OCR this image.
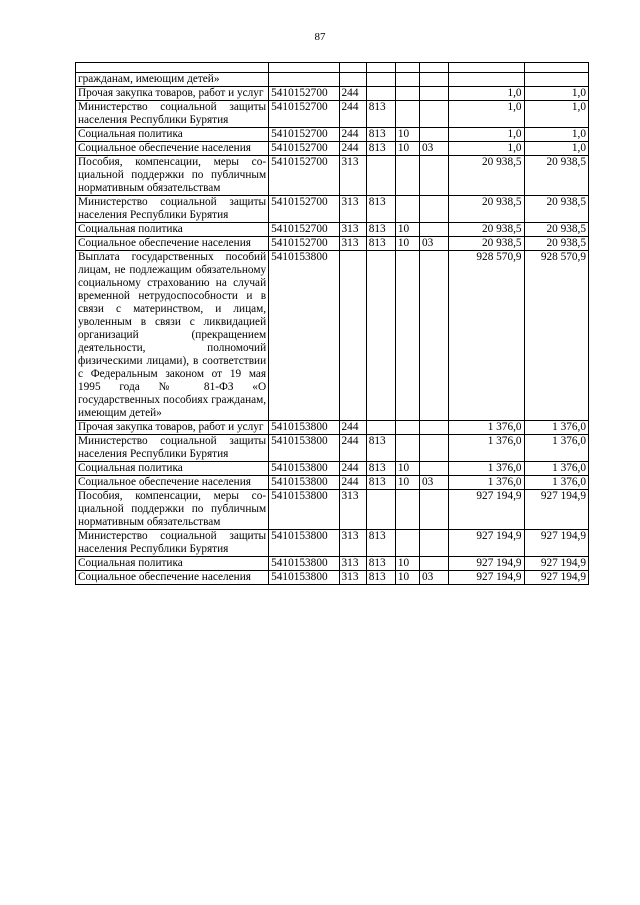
87

гражданам, имеющим детей»							
Прочая закупка товаров, работ и услуг	5410152700	244				1,0	1,0
Министерство социальной защиты населения Республики Бурятия	5410152700	244	813			1,0	1,0
Социальная политика	5410152700	244	813	10		1,0	1,0
Социальное обеспечение населения	5410152700	244	813	10	03	1,0	1,0
Пособия, компенсации, меры социальной поддержки по публичным нормативным обязательствам	5410152700	313				20 938,5	20 938,5
Министерство социальной защиты населения Республики Бурятия	5410152700	313	813			20 938,5	20 938,5
Социальная политика	5410152700	313	813	10		20 938,5	20 938,5
Социальное обеспечение населения	5410152700	313	813	10	03	20 938,5	20 938,5
Выплата государственных пособий лицам, не подлежащим обязательному социальному страхованию на случай временной нетрудоспособности и в связи с материнством, и лицам, уволенным в связи с ликвидацией организаций (прекращением деятельности, полномочий физическими лицами), в соответствии с Федеральным законом от 19 мая 1995 года № 81-ФЗ «О государственных пособиях гражданам, имеющим детей»	5410153800					928 570,9	928 570,9
Прочая закупка товаров, работ и услуг	5410153800	244				1 376,0	1 376,0
Министерство социальной защиты населения Республики Бурятия	5410153800	244	813			1 376,0	1 376,0
Социальная политика	5410153800	244	813	10		1 376,0	1 376,0
Социальное обеспечение населения	5410153800	244	813	10	03	1 376,0	1 376,0
Пособия, компенсации, меры социальной поддержки по публичным нормативным обязательствам	5410153800	313				927 194,9	927 194,9
Министерство социальной защиты населения Республики Бурятия	5410153800	313	813			927 194,9	927 194,9
Социальная политика	5410153800	313	813	10		927 194,9	927 194,9
Социальное обеспечение населения	5410153800	313	813	10	03	927 194,9	927 194,9
